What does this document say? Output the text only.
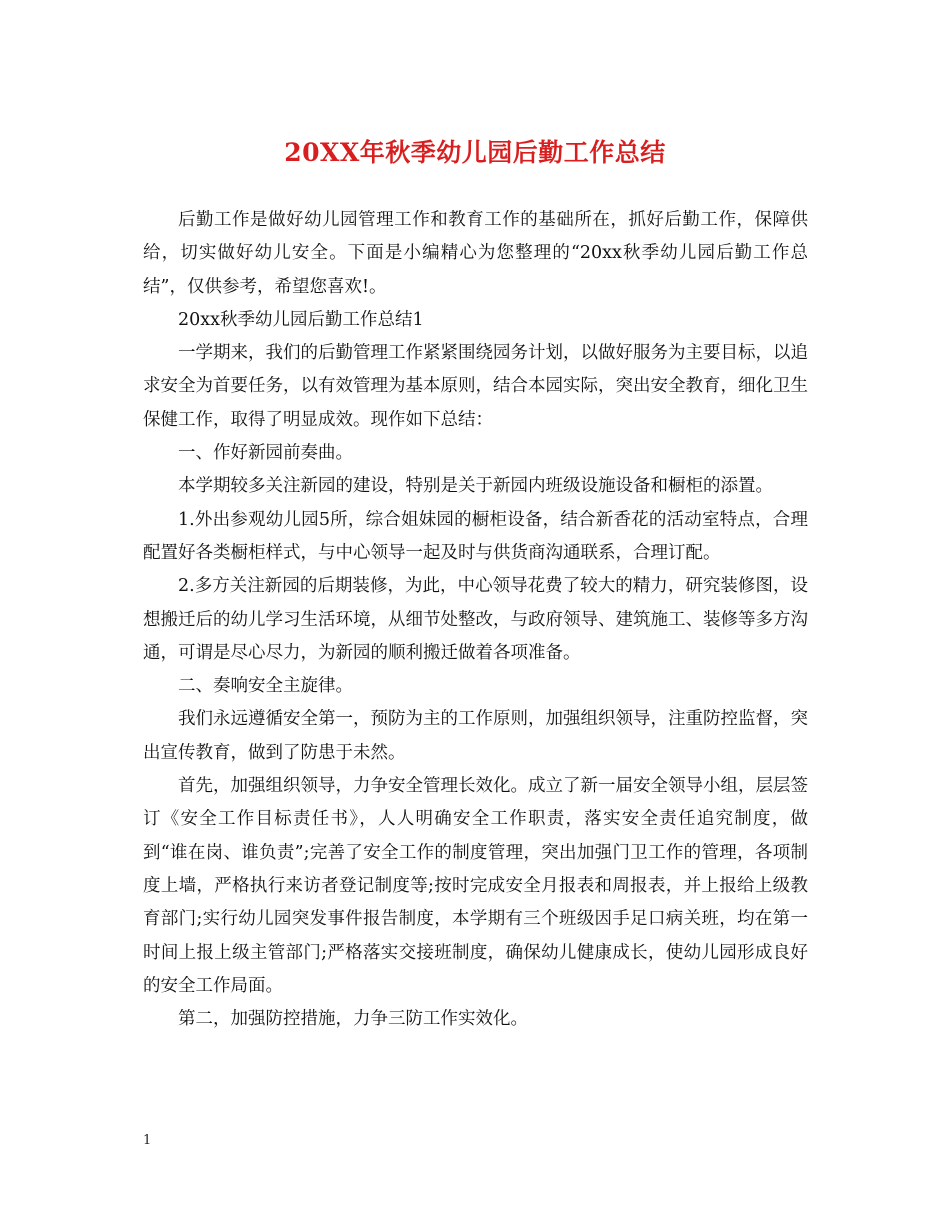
20XX年秋季幼儿园后勤工作总结

后勤工作是做好幼儿园管理工作和教育工作的基础所在，抓好后勤工作，保障供给，切实做好幼儿安全。下面是小编精心为您整理的“20xx秋季幼儿园后勤工作总结”，仅供参考，希望您喜欢!。

20xx秋季幼儿园后勤工作总结1

一学期来，我们的后勤管理工作紧紧围绕园务计划，以做好服务为主要目标，以追求安全为首要任务，以有效管理为基本原则，结合本园实际，突出安全教育，细化卫生保健工作，取得了明显成效。现作如下总结：

一、作好新园前奏曲。

本学期较多关注新园的建设，特别是关于新园内班级设施设备和橱柜的添置。

1.外出参观幼儿园5所，综合姐妹园的橱柜设备，结合新香花的活动室特点，合理配置好各类橱柜样式，与中心领导一起及时与供货商沟通联系，合理订配。

2.多方关注新园的后期装修，为此，中心领导花费了较大的精力，研究装修图，设想搬迁后的幼儿学习生活环境，从细节处整改，与政府领导、建筑施工、装修等多方沟通，可谓是尽心尽力，为新园的顺利搬迁做着各项准备。

二、奏响安全主旋律。

我们永远遵循安全第一，预防为主的工作原则，加强组织领导，注重防控监督，突出宣传教育，做到了防患于未然。

首先，加强组织领导，力争安全管理长效化。成立了新一届安全领导小组，层层签订《安全工作目标责任书》，人人明确安全工作职责，落实安全责任追究制度，做到“谁在岗、谁负责”;完善了安全工作的制度管理，突出加强门卫工作的管理，各项制度上墙，严格执行来访者登记制度等;按时完成安全月报表和周报表，并上报给上级教育部门;实行幼儿园突发事件报告制度，本学期有三个班级因手足口病关班，均在第一时间上报上级主管部门;严格落实交接班制度，确保幼儿健康成长，使幼儿园形成良好的安全工作局面。

第二，加强防控措施，力争三防工作实效化。

1
